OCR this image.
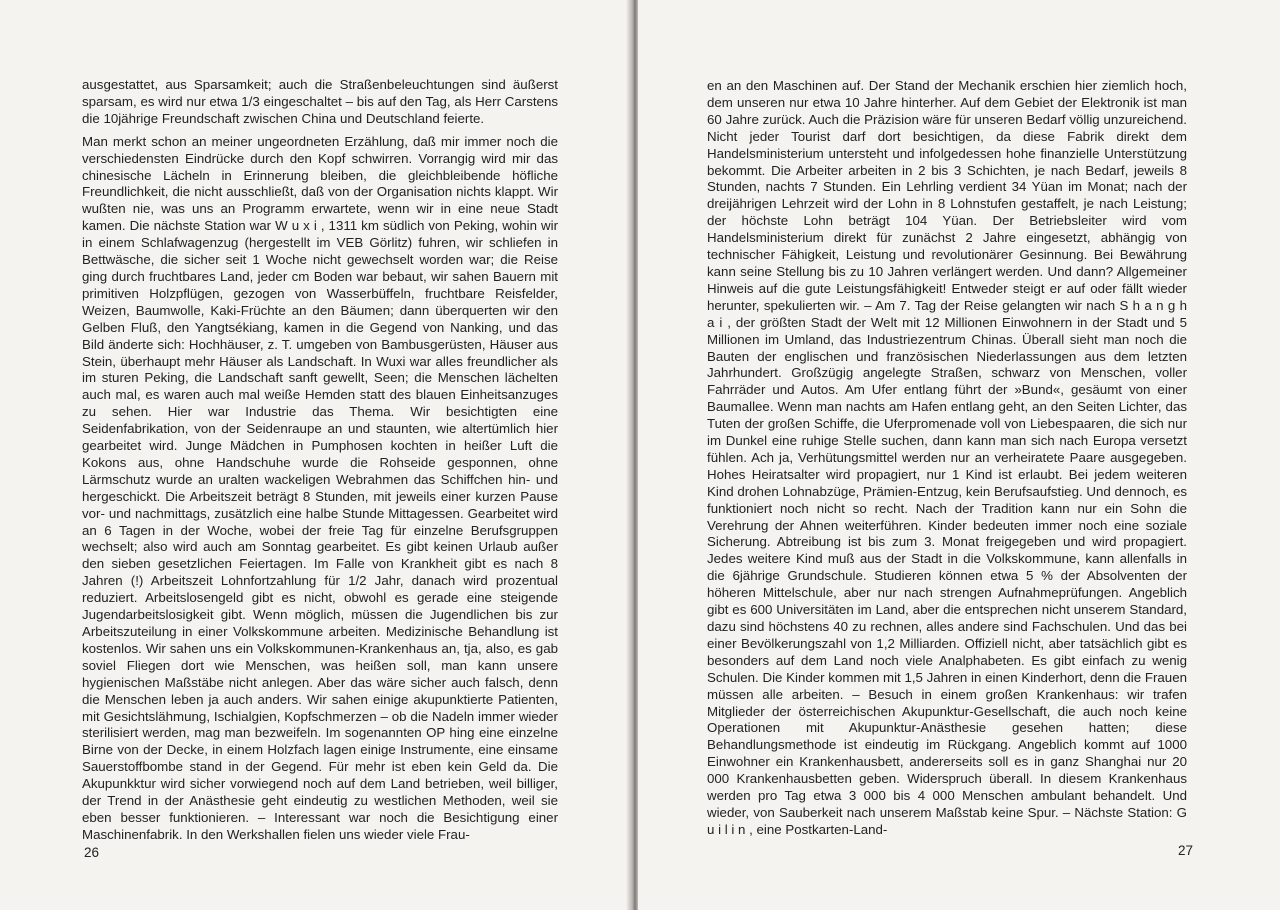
ausgestattet, aus Sparsamkeit; auch die Straßenbeleuchtungen sind äußerst sparsam, es wird nur etwa 1/3 eingeschaltet – bis auf den Tag, als Herr Carstens die 10jährige Freundschaft zwischen China und Deutschland feierte.

Man merkt schon an meiner ungeordneten Erzählung, daß mir immer noch die verschiedensten Eindrücke durch den Kopf schwirren. Vorrangig wird mir das chinesische Lächeln in Erinnerung bleiben, die gleichbleibende höfliche Freundlichkeit, die nicht ausschließt, daß von der Organisation nichts klappt. Wir wußten nie, was uns an Programm erwartete, wenn wir in eine neue Stadt kamen. Die nächste Station war W u x i , 1311 km südlich von Peking, wohin wir in einem Schlafwagenzug (hergestellt im VEB Görlitz) fuhren, wir schliefen in Bettwäsche, die sicher seit 1 Woche nicht gewechselt worden war; die Reise ging durch fruchtbares Land, jeder cm Boden war bebaut, wir sahen Bauern mit primitiven Holzpflügen, gezogen von Wasserbüffeln, fruchtbare Reisfelder, Weizen, Baumwolle, Kaki-Früchte an den Bäumen; dann überquerten wir den Gelben Fluß, den Yangtsékiang, kamen in die Gegend von Nanking, und das Bild änderte sich: Hochhäuser, z. T. umgeben von Bambusgerüsten, Häuser aus Stein, überhaupt mehr Häuser als Landschaft. In Wuxi war alles freundlicher als im sturen Peking, die Landschaft sanft gewellt, Seen; die Menschen lächelten auch mal, es waren auch mal weiße Hemden statt des blauen Einheitsanzuges zu sehen. Hier war Industrie das Thema. Wir besichtigten eine Seidenfabrikation, von der Seidenraupe an und staunten, wie altertümlich hier gearbeitet wird. Junge Mädchen in Pumphosen kochten in heißer Luft die Kokons aus, ohne Handschuhe wurde die Rohseide gesponnen, ohne Lärmschutz wurde an uralten wackeligen Webrahmen das Schiffchen hin- und hergeschickt. Die Arbeitszeit beträgt 8 Stunden, mit jeweils einer kurzen Pause vor- und nachmittags, zusätzlich eine halbe Stunde Mittagessen. Gearbeitet wird an 6 Tagen in der Woche, wobei der freie Tag für einzelne Berufsgruppen wechselt; also wird auch am Sonntag gearbeitet. Es gibt keinen Urlaub außer den sieben gesetzlichen Feiertagen. Im Falle von Krankheit gibt es nach 8 Jahren (!) Arbeitszeit Lohnfortzahlung für 1/2 Jahr, danach wird prozentual reduziert. Arbeitslosengeld gibt es nicht, obwohl es gerade eine steigende Jugendarbeitslosigkeit gibt. Wenn möglich, müssen die Jugendlichen bis zur Arbeitszuteilung in einer Volkskommune arbeiten. Medizinische Behandlung ist kostenlos. Wir sahen uns ein Volkskommunen-Krankenhaus an, tja, also, es gab soviel Fliegen dort wie Menschen, was heißen soll, man kann unsere hygienischen Maßstäbe nicht anlegen. Aber das wäre sicher auch falsch, denn die Menschen leben ja auch anders. Wir sahen einige akupunktierte Patienten, mit Gesichtslähmung, Ischialgien, Kopfschmerzen – ob die Nadeln immer wieder sterilisiert werden, mag man bezweifeln. Im sogenannten OP hing eine einzelne Birne von der Decke, in einem Holzfach lagen einige Instrumente, eine einsame Sauerstoffbombe stand in der Gegend. Für mehr ist eben kein Geld da. Die Akupunkktur wird sicher vorwiegend noch auf dem Land betrieben, weil billiger, der Trend in der Anästhesie geht eindeutig zu westlichen Methoden, weil sie eben besser funktionieren. – Interessant war noch die Besichtigung einer Maschinenfabrik. In den Werkshallen fielen uns wieder viele Frau-

26

en an den Maschinen auf. Der Stand der Mechanik erschien hier ziemlich hoch, dem unseren nur etwa 10 Jahre hinterher. Auf dem Gebiet der Elektronik ist man 60 Jahre zurück. Auch die Präzision wäre für unseren Bedarf völlig unzureichend. Nicht jeder Tourist darf dort besichtigen, da diese Fabrik direkt dem Handelsministerium untersteht und infolgedessen hohe finanzielle Unterstützung bekommt. Die Arbeiter arbeiten in 2 bis 3 Schichten, je nach Bedarf, jeweils 8 Stunden, nachts 7 Stunden. Ein Lehrling verdient 34 Yüan im Monat; nach der dreijährigen Lehrzeit wird der Lohn in 8 Lohnstufen gestaffelt, je nach Leistung; der höchste Lohn beträgt 104 Yüan. Der Betriebsleiter wird vom Handelsministerium direkt für zunächst 2 Jahre eingesetzt, abhängig von technischer Fähigkeit, Leistung und revolutionärer Gesinnung. Bei Bewährung kann seine Stellung bis zu 10 Jahren verlängert werden. Und dann? Allgemeiner Hinweis auf die gute Leistungsfähigkeit! Entweder steigt er auf oder fällt wieder herunter, spekulierten wir. – Am 7. Tag der Reise gelangten wir nach S h a n g h a i , der größten Stadt der Welt mit 12 Millionen Einwohnern in der Stadt und 5 Millionen im Umland, das Industriezentrum Chinas. Überall sieht man noch die Bauten der englischen und französischen Niederlassungen aus dem letzten Jahrhundert. Großzügig angelegte Straßen, schwarz von Menschen, voller Fahrräder und Autos. Am Ufer entlang führt der »Bund«, gesäumt von einer Baumallee. Wenn man nachts am Hafen entlang geht, an den Seiten Lichter, das Tuten der großen Schiffe, die Uferpromenade voll von Liebespaaren, die sich nur im Dunkel eine ruhige Stelle suchen, dann kann man sich nach Europa versetzt fühlen. Ach ja, Verhütungsmittel werden nur an verheiratete Paare ausgegeben. Hohes Heiratsalter wird propagiert, nur 1 Kind ist erlaubt. Bei jedem weiteren Kind drohen Lohnabzüge, Prämien-Entzug, kein Berufsaufstieg. Und dennoch, es funktioniert noch nicht so recht. Nach der Tradition kann nur ein Sohn die Verehrung der Ahnen weiterführen. Kinder bedeuten immer noch eine soziale Sicherung. Abtreibung ist bis zum 3. Monat freigegeben und wird propagiert. Jedes weitere Kind muß aus der Stadt in die Volkskommune, kann allenfalls in die 6jährige Grundschule. Studieren können etwa 5 % der Absolventen der höheren Mittelschule, aber nur nach strengen Aufnahmeprüfungen. Angeblich gibt es 600 Universitäten im Land, aber die entsprechen nicht unserem Standard, dazu sind höchstens 40 zu rechnen, alles andere sind Fachschulen. Und das bei einer Bevölkerungszahl von 1,2 Milliarden. Offiziell nicht, aber tatsächlich gibt es besonders auf dem Land noch viele Analphabeten. Es gibt einfach zu wenig Schulen. Die Kinder kommen mit 1,5 Jahren in einen Kinderhort, denn die Frauen müssen alle arbeiten. – Besuch in einem großen Krankenhaus: wir trafen Mitglieder der österreichischen Akupunktur-Gesellschaft, die auch noch keine Operationen mit Akupunktur-Anästhesie gesehen hatten; diese Behandlungsmethode ist eindeutig im Rückgang. Angeblich kommt auf 1000 Einwohner ein Krankenhausbett, andererseits soll es in ganz Shanghai nur 20 000 Krankenhausbetten geben. Widerspruch überall. In diesem Krankenhaus werden pro Tag etwa 3 000 bis 4 000 Menschen ambulant behandelt. Und wieder, von Sauberkeit nach unserem Maßstab keine Spur. – Nächste Station: G u i l i n , eine Postkarten-Land-

27
